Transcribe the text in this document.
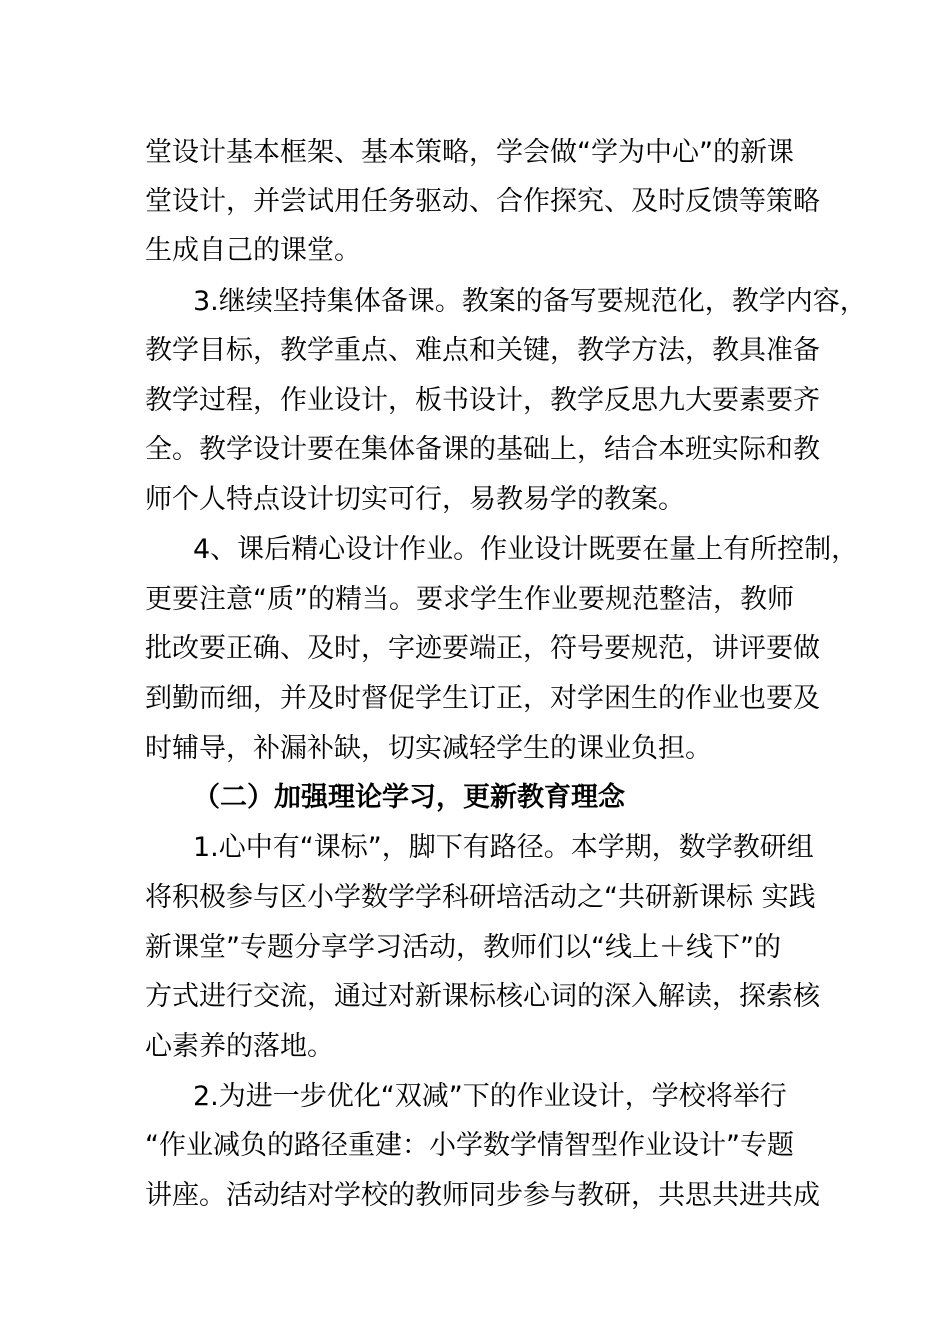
堂设计基本框架、基本策略，学会做“学为中心”的新课

堂设计，并尝试用任务驱动、合作探究、及时反馈等策略

生成自己的课堂。

3.继续坚持集体备课。教案的备写要规范化，教学内容，

教学目标，教学重点、难点和关键，教学方法，教具准备

教学过程，作业设计，板书设计，教学反思九大要素要齐

全。教学设计要在集体备课的基础上，结合本班实际和教

师个人特点设计切实可行，易教易学的教案。

4、课后精心设计作业。作业设计既要在量上有所控制，

更要注意“质”的精当。要求学生作业要规范整洁，教师

批改要正确、及时，字迹要端正，符号要规范，讲评要做

到勤而细，并及时督促学生订正，对学困生的作业也要及

时辅导，补漏补缺，切实减轻学生的课业负担。

（二）加强理论学习，更新教育理念

1.心中有“课标”，脚下有路径。本学期，数学教研组

将积极参与区小学数学学科研培活动之“共研新课标 实践

新课堂”专题分享学习活动，教师们以“线上＋线下”的

方式进行交流，通过对新课标核心词的深入解读，探索核

心素养的落地。

2.为进一步优化“双减”下的作业设计，学校将举行

“作业减负的路径重建：小学数学情智型作业设计”专题

讲座。活动结对学校的教师同步参与教研，共思共进共成
